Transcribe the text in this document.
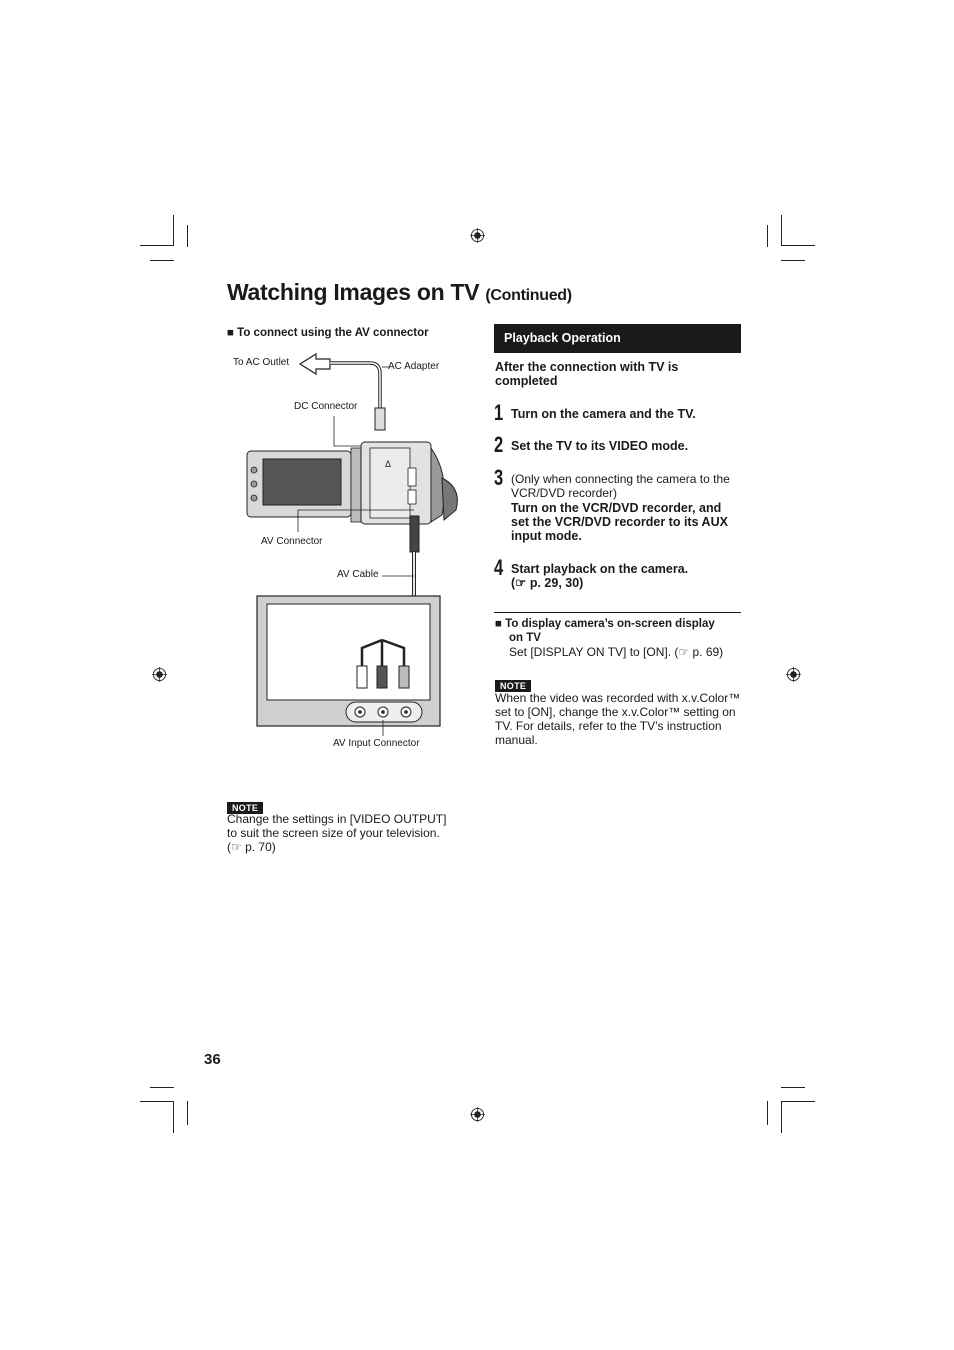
Watching Images on TV (Continued)
■ To connect using the AV connector
To AC Outlet	AC Adapter
DC Connector
AV Connector
AV Cable
AV Input Connector
Δ
NOTE
Change the settings in [VIDEO OUTPUT]
to suit the screen size of your television.
(☞ p. 70)
Playback Operation
After the connection with TV is
completed
1 Turn on the camera and the TV.
2 Set the TV to its VIDEO mode.
3 (Only when connecting the camera to the
VCR/DVD recorder)
Turn on the VCR/DVD recorder, and
set the VCR/DVD recorder to its AUX
input mode.
4 Start playback on the camera.
(☞ p. 29, 30)
■ To display camera’s on-screen display
on TV
Set [DISPLAY ON TV] to [ON]. (☞ p. 69)
NOTE
When the video was recorded with x.v.Color™
set to [ON], change the x.v.Color™ setting on
TV. For details, refer to the TV’s instruction
manual.
36
